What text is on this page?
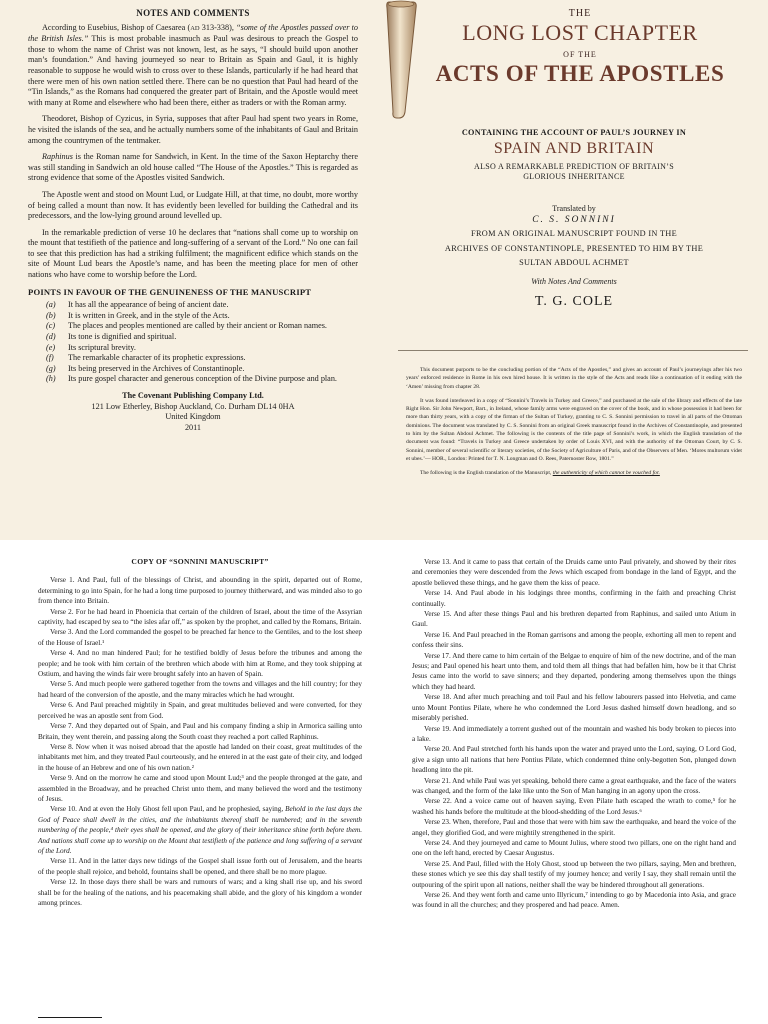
NOTES AND COMMENTS

According to Eusebius, Bishop of Caesarea (AD 313-338), “some of the Apostles passed over to the British Isles.” This is most probable inasmuch as Paul was desirous to preach the Gospel to those to whom the name of Christ was not known, lest, as he says, “I should build upon another man’s foundation.” And having journeyed so near to Britain as Spain and Gaul, it is highly reasonable to suppose he would wish to cross over to these Islands, particularly if he had heard that there were men of his own nation settled there. There can be no question that Paul had heard of the “Tin Islands,” as the Romans had conquered the greater part of Britain, and the Apostle would meet with many at Rome and elsewhere who had been there, either as traders or with the Roman army.

Theodoret, Bishop of Cyzicus, in Syria, supposes that after Paul had spent two years in Rome, he visited the islands of the sea, and he actually numbers some of the inhabitants of Gaul and Britain among the countrymen of the tentmaker.

Raphinus is the Roman name for Sandwich, in Kent. In the time of the Saxon Heptarchy there was still standing in Sandwich an old house called “The House of the Apostles.” This is regarded as strong evidence that some of the Apostles visited Sandwich.

The Apostle went and stood on Mount Lud, or Ludgate Hill, at that time, no doubt, more worthy of being called a mount than now. It has evidently been levelled for building the Cathedral and its predecessors, and the low-lying ground around levelled up.

In the remarkable prediction of verse 10 he declares that “nations shall come up to worship on the mount that testifieth of the patience and long-suffering of a servant of the Lord.” No one can fail to see that this prediction has had a striking fulfilment; the magnificent edifice which stands on the site of Mount Lud bears the Apostle’s name, and has been the meeting place for men of other nations who have come to worship before the Lord.

POINTS IN FAVOUR OF THE GENUINENESS OF THE MANUSCRIPT
(a)	It has all the appearance of being of ancient date.
(b)	It is written in Greek, and in the style of the Acts.
(c)	The places and peoples mentioned are called by their ancient or Roman names.
(d)	Its tone is dignified and spiritual.
(e)	Its scriptural brevity.
(f)	The remarkable character of its prophetic expressions.
(g)	Its being preserved in the Archives of Constantinople.
(h)	Its pure gospel character and generous conception of the Divine purpose and plan.
The Covenant Publishing Company Ltd.
121 Low Etherley, Bishop Auckland, Co. Durham DL14 0HA
United Kingdom
2011
THE
LONG LOST CHAPTER
OF THE
ACTS OF THE APOSTLES
CONTAINING THE ACCOUNT OF PAUL’S JOURNEY IN
SPAIN AND BRITAIN
ALSO A REMARKABLE PREDICTION OF BRITAIN’S
GLORIOUS INHERITANCE
Translated by
C. S. SONNINI
FROM AN ORIGINAL MANUSCRIPT FOUND IN THE
ARCHIVES OF CONSTANTINOPLE, PRESENTED TO HIM BY THE
SULTAN ABDOUL ACHMET
With Notes And Comments
T. G. COLE

This document purports to be the concluding portion of the “Acts of the Apostles,” and gives an account of Paul’s journeyings after his two years’ enforced residence in Rome in his own hired house. It is written in the style of the Acts and reads like a continuation of it ending with the ‘Amen’ missing from chapter 28.

It was found interleaved in a copy of “Sonnini’s Travels in Turkey and Greece,” and purchased at the sale of the library and effects of the late Right Hon. Sir John Newport, Bart., in Ireland, whose family arms were engraved on the cover of the book, and in whose possession it had been for more than thirty years, with a copy of the firman of the Sultan of Turkey, granting to C. S. Sonnini permission to travel in all parts of the Ottoman dominions. The document was translated by C. S. Sonnini from an original Greek manuscript found in the Archives of Constantinople, and presented to him by the Sultan Abdoul Achmet. The following is the contents of the title page of Sonnini’s work, in which the English translation of the document was found: “Travels in Turkey and Greece undertaken by order of Louis XVI, and with the authority of the Ottoman Court, by C. S. Sonnini, member of several scientific or literary societies, of the Society of Agriculture of Paris, and of the Observers of Men. ‘Mores multorum videt et ubes.’— HOR., London: Printed for T. N. Longman and O. Rees, Paternoster Row, 1801.”

The following is the English translation of the Manuscript, the authenticity of which cannot be vouched for.

COPY OF “SONNINI MANUSCRIPT”

Verse 1. And Paul, full of the blessings of Christ, and abounding in the spirit, departed out of Rome, determining to go into Spain, for he had a long time purposed to journey thitherward, and was minded also to go from thence into Britain.

Verse 2. For he had heard in Phoenicia that certain of the children of Israel, about the time of the Assyrian captivity, had escaped by sea to “the isles afar off,” as spoken by the prophet, and called by the Romans, Britain.

Verse 3. And the Lord commanded the gospel to be preached far hence to the Gentiles, and to the lost sheep of the House of Israel.¹

Verse 4. And no man hindered Paul; for he testified boldly of Jesus before the tribunes and among the people; and he took with him certain of the brethren which abode with him at Rome, and they took shipping at Ostium, and having the winds fair were brought safely into an haven of Spain.

Verse 5. And much people were gathered together from the towns and villages and the hill country; for they had heard of the conversion of the apostle, and the many miracles which he had wrought.

Verse 6. And Paul preached mightily in Spain, and great multitudes believed and were converted, for they perceived he was an apostle sent from God.

Verse 7. And they departed out of Spain, and Paul and his company finding a ship in Armorica sailing unto Britain, they went therein, and passing along the South coast they reached a port called Raphinus.

Verse 8. Now when it was noised abroad that the apostle had landed on their coast, great multitudes of the inhabitants met him, and they treated Paul courteously, and he entered in at the east gate of their city, and lodged in the house of an Hebrew and one of his own nation.²

Verse 9. And on the morrow he came and stood upon Mount Lud;³ and the people thronged at the gate, and assembled in the Broadway, and he preached Christ unto them, and many believed the word and the testimony of Jesus.

Verse 10. And at even the Holy Ghost fell upon Paul, and he prophesied, saying, Behold in the last days the God of Peace shall dwell in the cities, and the inhabitants thereof shall be numbered; and in the seventh numbering of the people,⁴ their eyes shall be opened, and the glory of their inheritance shine forth before them. And nations shall come up to worship on the Mount that testifieth of the patience and long suffering of a servant of the Lord.

Verse 11. And in the latter days new tidings of the Gospel shall issue forth out of Jerusalem, and the hearts of the people shall rejoice, and behold, fountains shall be opened, and there shall be no more plague.

Verse 12. In those days there shall be wars and rumours of wars; and a king shall rise up, and his sword shall be for the healing of the nations, and his peacemaking shall abide, and the glory of his kingdom a wonder among princes.

Verse 13. And it came to pass that certain of the Druids came unto Paul privately, and showed by their rites and ceremonies they were descended from the Jews which escaped from bondage in the land of Egypt, and the apostle believed these things, and he gave them the kiss of peace.

Verse 14. And Paul abode in his lodgings three months, confirming in the faith and preaching Christ continually.

Verse 15. And after these things Paul and his brethren departed from Raphinus, and sailed unto Atium in Gaul.

Verse 16. And Paul preached in the Roman garrisons and among the people, exhorting all men to repent and confess their sins.

Verse 17. And there came to him certain of the Belgae to enquire of him of the new doctrine, and of the man Jesus; and Paul opened his heart unto them, and told them all things that had befallen him, how be it that Christ Jesus came into the world to save sinners; and they departed, pondering among themselves upon the things which they had heard.

Verse 18. And after much preaching and toil Paul and his fellow labourers passed into Helvetia, and came unto Mount Pontius Pilate, where he who condemned the Lord Jesus dashed himself down headlong, and so miserably perished.

Verse 19. And immediately a torrent gushed out of the mountain and washed his body broken to pieces into a lake.

Verse 20. And Paul stretched forth his hands upon the water and prayed unto the Lord, saying, O Lord God, give a sign unto all nations that here Pontius Pilate, which condemned thine only-begotten Son, plunged down headlong into the pit.

Verse 21. And while Paul was yet speaking, behold there came a great earthquake, and the face of the waters was changed, and the form of the lake like unto the Son of Man hanging in an agony upon the cross.

Verse 22. And a voice came out of heaven saying, Even Pilate hath escaped the wrath to come,⁵ for he washed his hands before the multitude at the blood-shedding of the Lord Jesus.⁶

Verse 23. When, therefore, Paul and those that were with him saw the earthquake, and heard the voice of the angel, they glorified God, and were mightily strengthened in the spirit.

Verse 24. And they journeyed and came to Mount Julius, where stood two pillars, one on the right hand and one on the left hand, erected by Caesar Augustus.

Verse 25. And Paul, filled with the Holy Ghost, stood up between the two pillars, saying, Men and brethren, these stones which ye see this day shall testify of my journey hence; and verily I say, they shall remain until the outpouring of the spirit upon all nations, neither shall the way be hindered throughout all generations.

Verse 26. And they went forth and came unto Illyricum,⁷ intending to go by Macedonia into Asia, and grace was found in all the churches; and they prospered and had peace. Amen.
